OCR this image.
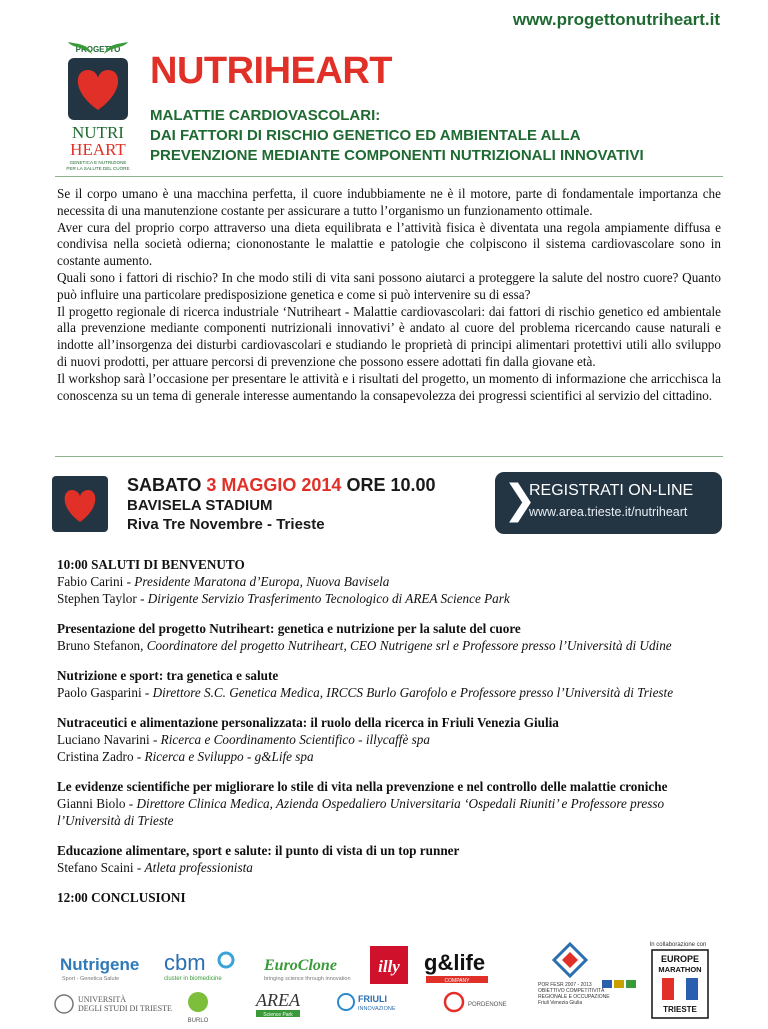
www.progettonutriheart.it
PROGETTO
NUTRI
HEART
GENETICA E NUTRIZIONE
PER LA SALUTE DEL CUORE
NUTRIHEART
MALATTIE CARDIOVASCOLARI:
DAI FATTORI DI RISCHIO GENETICO ED AMBIENTALE ALLA
PREVENZIONE MEDIANTE COMPONENTI NUTRIZIONALI INNOVATIVI

Se il corpo umano è una macchina perfetta, il cuore indubbiamente ne è il motore, parte di fondamentale importanza che necessita di una manutenzione costante per assicurare a tutto l’organismo un funzionamento ottimale.

Aver cura del proprio corpo attraverso una dieta equilibrata e l’attività fisica è diventata una regola ampiamente diffusa e condivisa nella società odierna; ciononostante le malattie e patologie che colpiscono il sistema cardiovascolare sono in costante aumento.

Quali sono i fattori di rischio? In che modo stili di vita sani possono aiutarci a proteggere la salute del nostro cuore? Quanto può influire una particolare predisposizione genetica e come si può intervenire su di essa?

Il progetto regionale di ricerca industriale ‘Nutriheart - Malattie cardiovascolari: dai fattori di rischio genetico ed ambientale alla prevenzione mediante componenti nutrizionali innovativi’ è andato al cuore del problema ricercando cause naturali e indotte all’insorgenza dei disturbi cardiovascolari e studiando le proprietà di principi alimentari protettivi utili allo sviluppo di nuovi prodotti, per attuare percorsi di prevenzione che possono essere adottati fin dalla giovane età.

Il workshop sarà l’occasione per presentare le attività e i risultati del progetto, un momento di informazione che arricchisca la conoscenza su un tema di generale interesse aumentando la consapevolezza dei progressi scientifici al servizio del cittadino.

SABATO 3 MAGGIO 2014 ORE 10.00
BAVISELA STADIUM
Riva Tre Novembre - Trieste
❯
REGISTRATI ON-LINE
www.area.trieste.it/nutriheart
10:00 SALUTI DI BENVENUTO
Fabio Carini - Presidente Maratona d’Europa, Nuova Bavisela
Stephen Taylor - Dirigente Servizio Trasferimento Tecnologico di AREA Science Park
Presentazione del progetto Nutriheart: genetica e nutrizione per la salute del cuore
Bruno Stefanon, Coordinatore del progetto Nutriheart, CEO Nutrigene srl e Professore presso l’Università di Udine
Nutrizione e sport: tra genetica e salute
Paolo Gasparini - Direttore S.C. Genetica Medica, IRCCS Burlo Garofolo e Professore presso l’Università di Trieste
Nutraceutici e alimentazione personalizzata: il ruolo della ricerca in Friuli Venezia Giulia
Luciano Navarini - Ricerca e Coordinamento Scientifico - illycaffè spa
Cristina Zadro - Ricerca e Sviluppo - g&Life spa
Le evidenze scientifiche per migliorare lo stile di vita nella prevenzione e nel controllo delle malattie croniche
Gianni Biolo - Direttore Clinica Medica, Azienda Ospedaliero Universitaria ‘Ospedali Riuniti’ e Professore presso l’Università di Trieste
Educazione alimentare, sport e salute: il punto di vista di un top runner
Stefano Scaini - Atleta professionista
12:00 CONCLUSIONI
Nutrigene
Sport - Genetica Salute
cbm
cluster in biomedicine
EuroClone
bringing science through innovation
illy g&life
COMPANY
POR FESR 2007 - 2013
OBIETTIVO COMPETITIVITÀ
REGIONALE E OCCUPAZIONE
Friuli Venezia Giulia
In collaborazione con
EUROPE
MARATHON
TRIESTE
UNIVERSITÀ
DEGLI STUDI DI TRIESTE
BURLO
AREA
Science Park
FRIULI
INNOVAZIONE
PORDENONE
